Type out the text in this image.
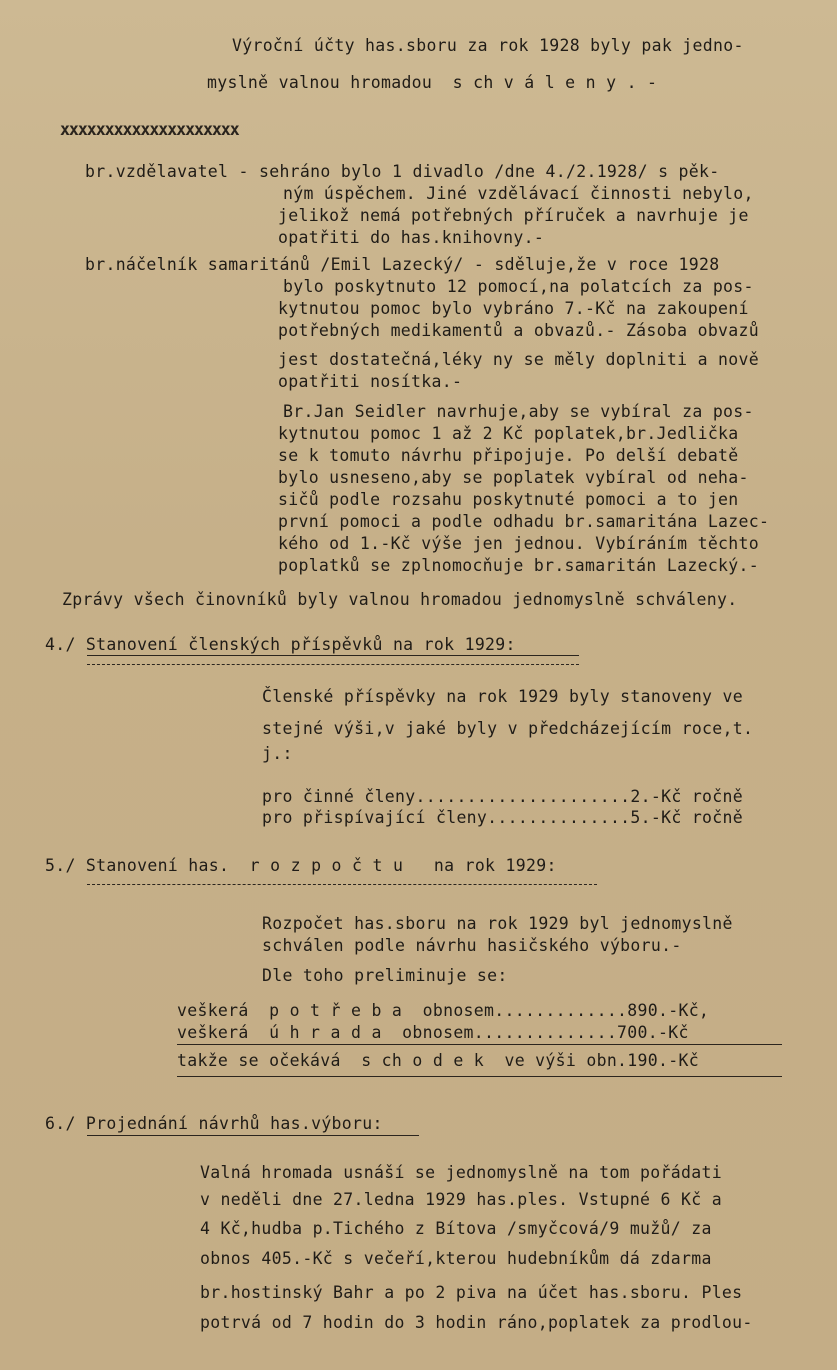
Výroční účty has.sboru za rok 1928 byly pak jedno-
myslně valnou hromadou  s ch v á l e n y . -
xxxxxxxxxxxxxxxxxxxx
br.vzdělavatel - sehráno bylo 1 divadlo /dne 4./2.1928/ s pěk-
ným úspěchem. Jiné vzdělávací činnosti nebylo,
jelikož nemá potřebných příruček a navrhuje je
opatřiti do has.knihovny.-
br.náčelník samaritánů /Emil Lazecký/ - sděluje,že v roce 1928
bylo poskytnuto 12 pomocí,na polatcích za pos-
kytnutou pomoc bylo vybráno 7.-Kč na zakoupení
potřebných medikamentů a obvazů.- Zásoba obvazů
jest dostatečná,léky ny se měly doplniti a nově
opatřiti nosítka.-
Br.Jan Seidler navrhuje,aby se vybíral za pos-
kytnutou pomoc 1 až 2 Kč poplatek,br.Jedlička
se k tomuto návrhu připojuje. Po delší debatě
bylo usneseno,aby se poplatek vybíral od neha-
sičů podle rozsahu poskytnuté pomoci a to jen
první pomoci a podle odhadu br.samaritána Lazec-
kého od 1.-Kč výše jen jednou. Vybíráním těchto
poplatků se zplnomocňuje br.samaritán Lazecký.-
Zprávy všech činovníků byly valnou hromadou jednomyslně schváleny.
4./ Stanovení členských příspěvků na rok 1929:
Členské příspěvky na rok 1929 byly stanoveny ve
stejné výši,v jaké byly v předcházejícím roce,t.
j.:
pro činné členy.....................2.-Kč ročně
pro přispívající členy..............5.-Kč ročně
5./ Stanovení has.  r o z p o č t u   na rok 1929:
Rozpočet has.sboru na rok 1929 byl jednomyslně
schválen podle návrhu hasičského výboru.-
Dle toho preliminuje se:
veškerá  p o t ř e b a  obnosem.............890.-Kč,
veškerá  ú h r a d a  obnosem..............700.-Kč
takže se očekává  s ch o d e k  ve výši obn.190.-Kč
6./ Projednání návrhů has.výboru:
Valná hromada usnáší se jednomyslně na tom pořádati
v neděli dne 27.ledna 1929 has.ples. Vstupné 6 Kč a
4 Kč,hudba p.Tichého z Bítova /smyčcová/9 mužů/ za
obnos 405.-Kč s večeří,kterou hudebníkům dá zdarma
br.hostinský Bahr a po 2 piva na účet has.sboru. Ples
potrvá od 7 hodin do 3 hodin ráno,poplatek za prodlou-
